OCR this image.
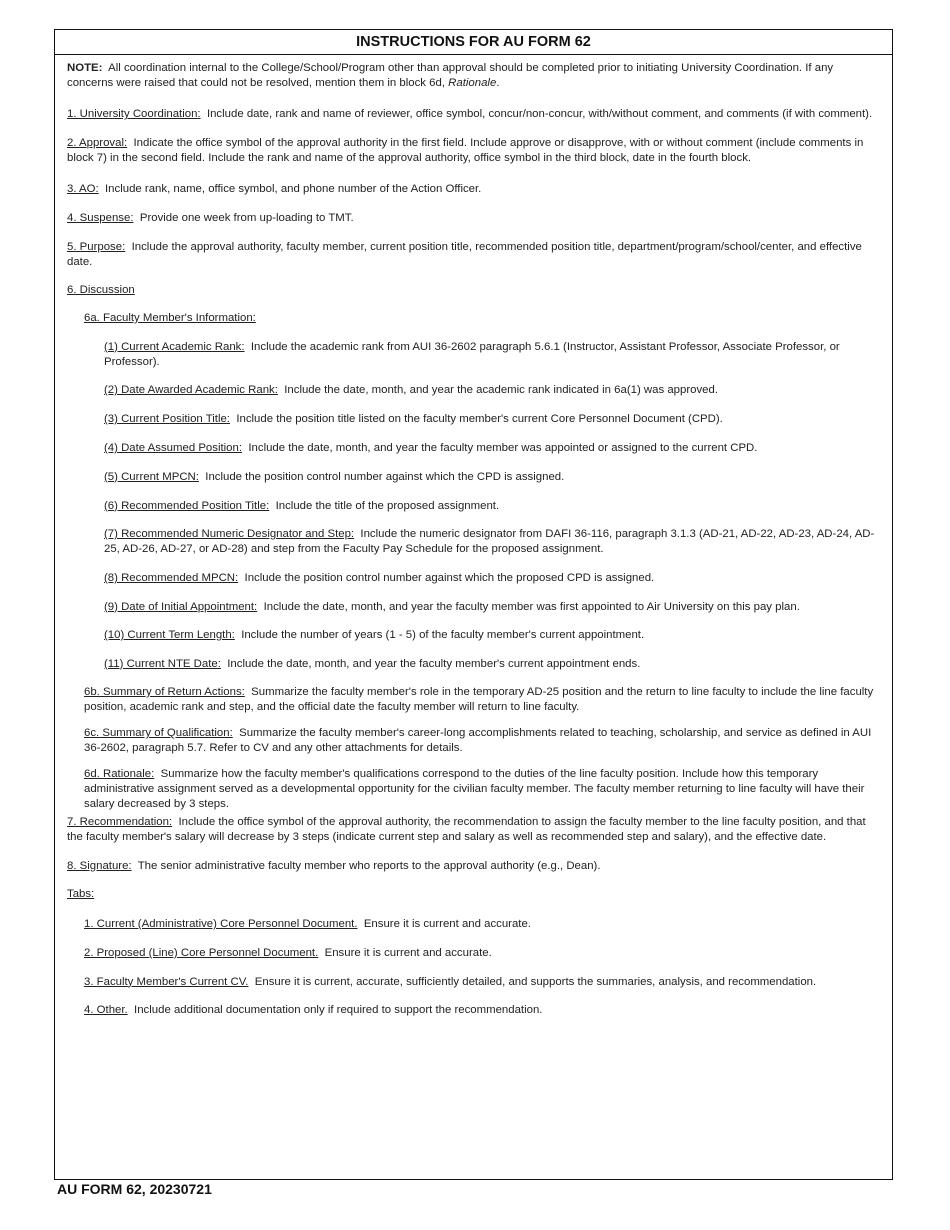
INSTRUCTIONS FOR AU FORM 62
NOTE: All coordination internal to the College/School/Program other than approval should be completed prior to initiating University Coordination. If any concerns were raised that could not be resolved, mention them in block 6d, Rationale.
1. University Coordination: Include date, rank and name of reviewer, office symbol, concur/non-concur, with/without comment, and comments (if with comment).
2. Approval: Indicate the office symbol of the approval authority in the first field. Include approve or disapprove, with or without comment (include comments in block 7) in the second field. Include the rank and name of the approval authority, office symbol in the third block, date in the fourth block.
3. AO: Include rank, name, office symbol, and phone number of the Action Officer.
4. Suspense: Provide one week from up-loading to TMT.
5. Purpose: Include the approval authority, faculty member, current position title, recommended position title, department/program/school/center, and effective date.
6. Discussion
6a. Faculty Member's Information:
(1) Current Academic Rank: Include the academic rank from AUI 36-2602 paragraph 5.6.1 (Instructor, Assistant Professor, Associate Professor, or Professor).
(2) Date Awarded Academic Rank: Include the date, month, and year the academic rank indicated in 6a(1) was approved.
(3) Current Position Title: Include the position title listed on the faculty member's current Core Personnel Document (CPD).
(4) Date Assumed Position: Include the date, month, and year the faculty member was appointed or assigned to the current CPD.
(5) Current MPCN: Include the position control number against which the CPD is assigned.
(6) Recommended Position Title: Include the title of the proposed assignment.
(7) Recommended Numeric Designator and Step: Include the numeric designator from DAFI 36-116, paragraph 3.1.3 (AD-21, AD-22, AD-23, AD-24, AD-25, AD-26, AD-27, or AD-28) and step from the Faculty Pay Schedule for the proposed assignment.
(8) Recommended MPCN: Include the position control number against which the proposed CPD is assigned.
(9) Date of Initial Appointment: Include the date, month, and year the faculty member was first appointed to Air University on this pay plan.
(10) Current Term Length: Include the number of years (1 - 5) of the faculty member's current appointment.
(11) Current NTE Date: Include the date, month, and year the faculty member's current appointment ends.
6b. Summary of Return Actions: Summarize the faculty member's role in the temporary AD-25 position and the return to line faculty to include the line faculty position, academic rank and step, and the official date the faculty member will return to line faculty.
6c. Summary of Qualification: Summarize the faculty member's career-long accomplishments related to teaching, scholarship, and service as defined in AUI 36-2602, paragraph 5.7. Refer to CV and any other attachments for details.
6d. Rationale: Summarize how the faculty member's qualifications correspond to the duties of the line faculty position. Include how this temporary administrative assignment served as a developmental opportunity for the civilian faculty member. The faculty member returning to line faculty will have their salary decreased by 3 steps.
7. Recommendation: Include the office symbol of the approval authority, the recommendation to assign the faculty member to the line faculty position, and that the faculty member's salary will decrease by 3 steps (indicate current step and salary as well as recommended step and salary), and the effective date.
8. Signature: The senior administrative faculty member who reports to the approval authority (e.g., Dean).
Tabs:
1. Current (Administrative) Core Personnel Document. Ensure it is current and accurate.
2. Proposed (Line) Core Personnel Document. Ensure it is current and accurate.
3. Faculty Member's Current CV. Ensure it is current, accurate, sufficiently detailed, and supports the summaries, analysis, and recommendation.
4. Other. Include additional documentation only if required to support the recommendation.
AU FORM 62, 20230721
